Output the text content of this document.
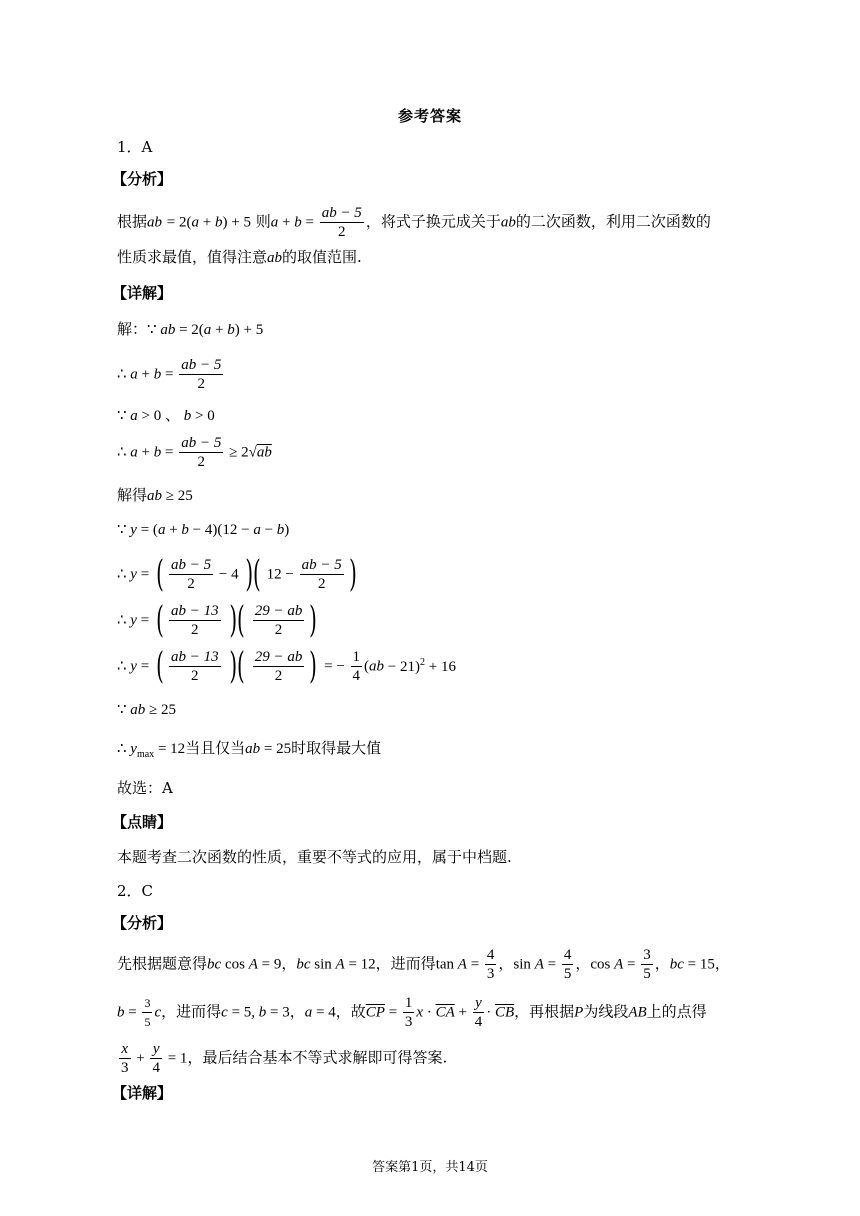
参考答案
1．A
【分析】
根据ab = 2(a + b) + 5 则$a + b = \frac{ab - 5}{2}$ ，将式子换元成关于ab的二次函数，利用二次函数的
性质求最值，值得注意ab的取值范围.
【详解】
解：∵ ab = 2(a + b) + 5
∴ $a + b = \frac{ab - 5}{2}$
∵ a > 0 、 b > 0
∴ $a + b = \frac{ab - 5}{2} \ge 2√ab$
解得ab ≥ 25
∵ y = (a + b − 4)(12 − a − b)
∴ y = ( $\frac{ab - 5}{2} - 4$ )( $12 - \frac{ab - 5}{2}$ )
∴ y = ( $\frac{ab - 13}{2}$ )( $\frac{29 - ab}{2}$ )
∴ y = ( $\frac{ab - 13}{2}$ )( $\frac{29 - ab}{2}$ ) = − $\frac{1}{4} (ab - 21)^2 + 16$
∵ ab ≥ 25
∴ $y_{max} = 12$当且仅当ab = 25时取得最大值
故选：A
【点睛】
本题考查二次函数的性质，重要不等式的应用，属于中档题.
2．C
【分析】
先根据题意得bc cos A = 9，bc sin A = 12，进而得$\tan A = \frac{4}{3}$ ，$\sin A = \frac{4}{5}$ ，$\cos A = \frac{3}{5}$ ，bc = 15，
$b = \frac{3}{5}$ c，进而得c = 5, b = 3，a = 4，故$\overline{CP} = \frac{1}{3}$ $x \cdot \overline{CA} + \frac{y}{4} \cdot \overline{CB}$，再根据P为线段AB上的点得
$\frac{x}{3} + \frac{y}{4} = 1$，最后结合基本不等式求解即可得答案.
【详解】
答案第1页，共14页
